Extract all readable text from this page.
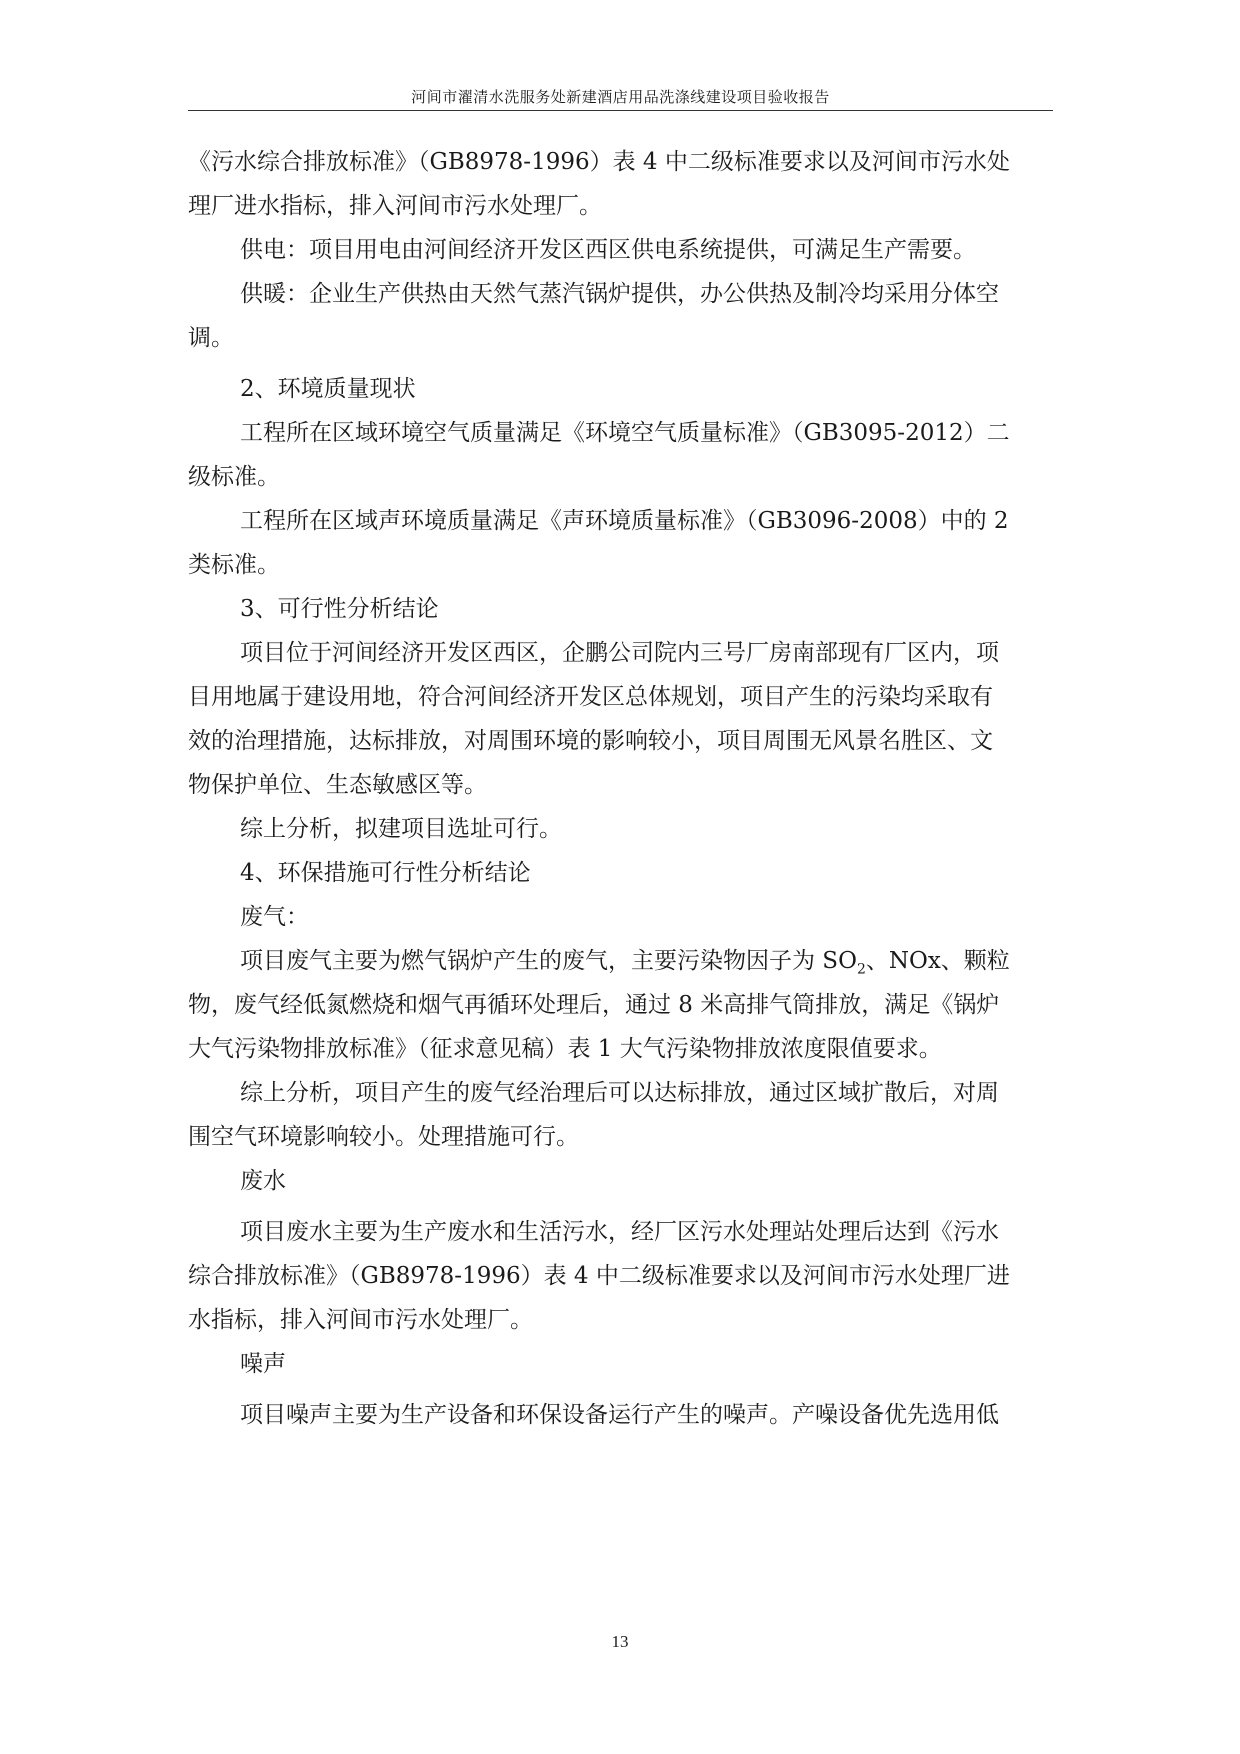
河间市濯清水洗服务处新建酒店用品洗涤线建设项目验收报告

《污水综合排放标准》（GB8978-1996）表 4 中二级标准要求以及河间市污水处

理厂进水指标，排入河间市污水处理厂。

供电：项目用电由河间经济开发区西区供电系统提供，可满足生产需要。

供暖：企业生产供热由天然气蒸汽锅炉提供，办公供热及制冷均采用分体空

调。

2、环境质量现状

工程所在区域环境空气质量满足《环境空气质量标准》（GB3095-2012）二

级标准。

工程所在区域声环境质量满足《声环境质量标准》（GB3096-2008）中的 2

类标准。

3、可行性分析结论

项目位于河间经济开发区西区，企鹏公司院内三号厂房南部现有厂区内，项

目用地属于建设用地，符合河间经济开发区总体规划，项目产生的污染均采取有

效的治理措施，达标排放，对周围环境的影响较小，项目周围无风景名胜区、文

物保护单位、生态敏感区等。

综上分析，拟建项目选址可行。

4、环保措施可行性分析结论

废气：

项目废气主要为燃气锅炉产生的废气，主要污染物因子为 $SO_2$、NOx、颗粒

物，废气经低氮燃烧和烟气再循环处理后，通过 8 米高排气筒排放，满足《锅炉

大气污染物排放标准》（征求意见稿）表 1 大气污染物排放浓度限值要求。

综上分析，项目产生的废气经治理后可以达标排放，通过区域扩散后，对周

围空气环境影响较小。处理措施可行。

废水

项目废水主要为生产废水和生活污水，经厂区污水处理站处理后达到《污水

综合排放标准》（GB8978-1996）表 4 中二级标准要求以及河间市污水处理厂进

水指标，排入河间市污水处理厂。

噪声

项目噪声主要为生产设备和环保设备运行产生的噪声。产噪设备优先选用低

13
